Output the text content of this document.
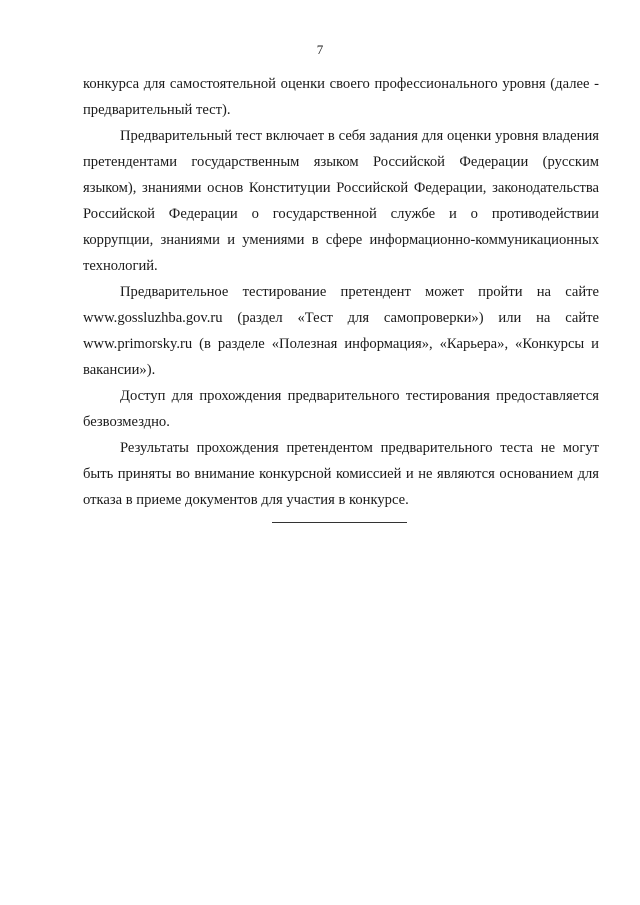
7

конкурса для самостоятельной оценки своего профессионального уровня (далее - предварительный тест).

Предварительный тест включает в себя задания для оценки уровня владения претендентами государственным языком Российской Федерации (русским языком), знаниями основ Конституции Российской Федерации, законодательства Российской Федерации о государственной службе и о противодействии коррупции, знаниями и умениями в сфере информационно-коммуникационных технологий.

Предварительное тестирование претендент может пройти на сайте www.gossluzhba.gov.ru (раздел «Тест для самопроверки») или на сайте www.primorsky.ru (в разделе «Полезная информация», «Карьера», «Конкурсы и вакансии»).

Доступ для прохождения предварительного тестирования предоставляется безвозмездно.

Результаты прохождения претендентом предварительного теста не могут быть приняты во внимание конкурсной комиссией и не являются основанием для отказа в приеме документов для участия в конкурсе.
